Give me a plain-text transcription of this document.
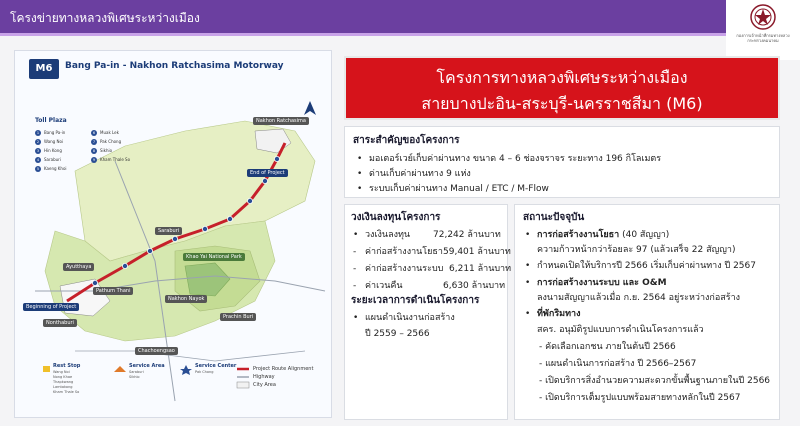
โครงข่ายทางหลวงพิเศษระหว่างเมือง
กองการเจ้าหน้าที่กรมทางหลวง
กระทรวงคมนาคม
M6	Bang Pa-in - Nakhon Ratchasima Motorway
Toll Plaza
1 Bang Pa-in
2 Wang Noi
3 Hin Kong
4 Saraburi
5 Kaeng Khoi
6 Muak Lek
7 Pak Chong
8 Sikhio
9 Kham Thale So
Beginning of Project
End of Project
Nakhon Ratchasima
Khao Yai National Park
Saraburi
Ayutthaya
Pathum Thani
Nonthaburi
Chachoengsao
Prachin Buri
Nakhon Nayok
Rest Stop
Wang Noi
Nong Khae
Thapkwang
Lamtakong
Kham Thale So
Service Area
Saraburi
Sikhio
Service Center
Pak Chong	Project Route Alignment
Highway
City Area
โครงการทางหลวงพิเศษระหว่างเมือง
สายบางปะอิน-สระบุรี-นครราชสีมา (M6)
สาระสำคัญของโครงการ
• มอเตอร์เวย์เก็บค่าผ่านทาง ขนาด 4 – 6 ช่องจราจร ระยะทาง 196 กิโลเมตร
• ด่านเก็บค่าผ่านทาง 9 แห่ง
• ระบบเก็บค่าผ่านทาง Manual / ETC / M-Flow
วงเงินลงทุนโครงการ
• วงเงินลงทุน	72,242 ล้านบาท
- ค่าก่อสร้างงานโยธา 59,401 ล้านบาท
- ค่าก่อสร้างงานระบบ 6,211 ล้านบาท
- ค่าเวนคืน	6,630 ล้านบาท
ระยะเวลาการดำเนินโครงการ
• แผนดำเนินงานก่อสร้าง
ปี 2559 – 2566
สถานะปัจจุบัน
• การก่อสร้างงานโยธา (40 สัญญา)
ความก้าวหน้ากว่าร้อยละ 97 (แล้วเสร็จ 22 สัญญา)
• กำหนดเปิดให้บริการปี 2566 เริ่มเก็บค่าผ่านทาง ปี 2567
• การก่อสร้างงานระบบ และ O&M
ลงนามสัญญาแล้วเมื่อ ก.ย. 2564 อยู่ระหว่างก่อสร้าง
• ที่พักริมทาง
สคร. อนุมัติรูปแบบการดำเนินโครงการแล้ว
- คัดเลือกเอกชน ภายในต้นปี 2566
- แผนดำเนินการก่อสร้าง ปี 2566–2567
- เปิดบริการสิ่งอำนวยความสะดวกขั้นพื้นฐานภายในปี 2566
- เปิดบริการเต็มรูปแบบพร้อมสายทางหลักในปี 2567
